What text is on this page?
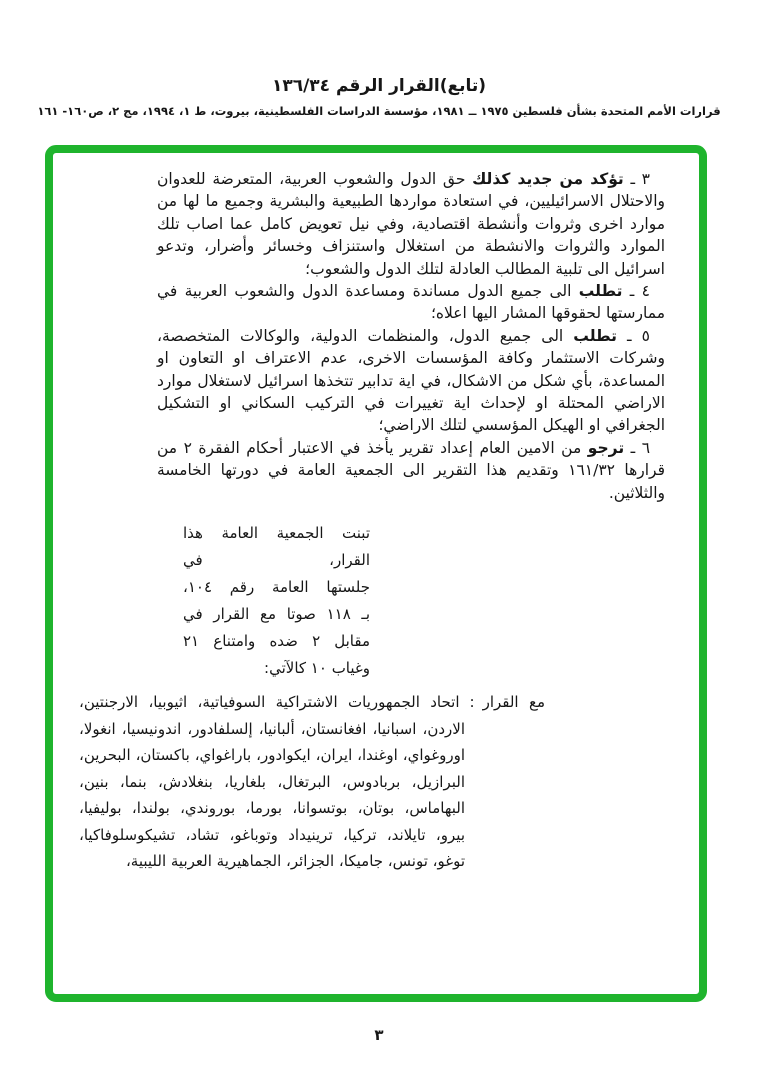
(تابع)القرار الرقم ١٣٦/٣٤
قرارات الأمم المتحدة بشأن فلسطين ١٩٧٥ ــ ١٩٨١، مؤسسة الدراسات الفلسطينية، بيروت، ط ١، ١٩٩٤، مج ٢، ص١٦٠- ١٦١

٣ ـ تؤكد من جديد كذلك حق الدول والشعوب العربية، المتعرضة للعدوان والاحتلال الاسرائيليين، في استعادة مواردها الطبيعية والبشرية وجميع ما لها من موارد اخرى وثروات وأنشطة اقتصادية، وفي نيل تعويض كامل عما اصاب تلك الموارد والثروات والانشطة من استغلال واستنزاف وخسائر وأضرار، وتدعو اسرائيل الى تلبية المطالب العادلة لتلك الدول والشعوب؛

٤ ـ تطلب الى جميع الدول مساندة ومساعدة الدول والشعوب العربية في ممارستها لحقوقها المشار اليها اعلاه؛

٥ ـ تطلب الى جميع الدول، والمنظمات الدولية، والوكالات المتخصصة، وشركات الاستثمار وكافة المؤسسات الاخرى، عدم الاعتراف او التعاون او المساعدة، بأي شكل من الاشكال، في اية تدابير تتخذها اسرائيل لاستغلال موارد الاراضي المحتلة او لإحداث اية تغييرات في التركيب السكاني او التشكيل الجغرافي او الهيكل المؤسسي لتلك الاراضي؛

٦ ـ ترجو من الامين العام إعداد تقرير يأخذ في الاعتبار أحكام الفقرة ٢ من قرارها ١٦١/٣٢ وتقديم هذا التقرير الى الجمعية العامة في دورتها الخامسة والثلاثين.

تبنت الجمعية العامة هذا القرار، في
جلستها العامة رقم ١٠٤،
بـ ١١٨ صوتا مع القرار في
مقابل ٢ ضده وامتناع ٢١
وغياب ١٠ كالآتي:
مع القرار:اتحاد الجمهوريات الاشتراكية السوفياتية، اثيوبيا، الارجنتين، الاردن، اسبانيا، افغانستان، ألبانيا، إلسلفادور، اندونيسيا، انغولا، اوروغواي، اوغندا، ايران، ايكوادور، باراغواي، باكستان، البحرين، البرازيل، بربادوس، البرتغال، بلغاريا، بنغلادش، بنما، بنين، البهاماس، بوتان، بوتسوانا، بورما، بوروندي، بولندا، بوليفيا، بيرو، تايلاند، تركيا، ترينيداد وتوباغو، تشاد، تشيكوسلوفاكيا، توغو، تونس، جاميكا، الجزائر، الجماهيرية العربية الليبية،
٣
